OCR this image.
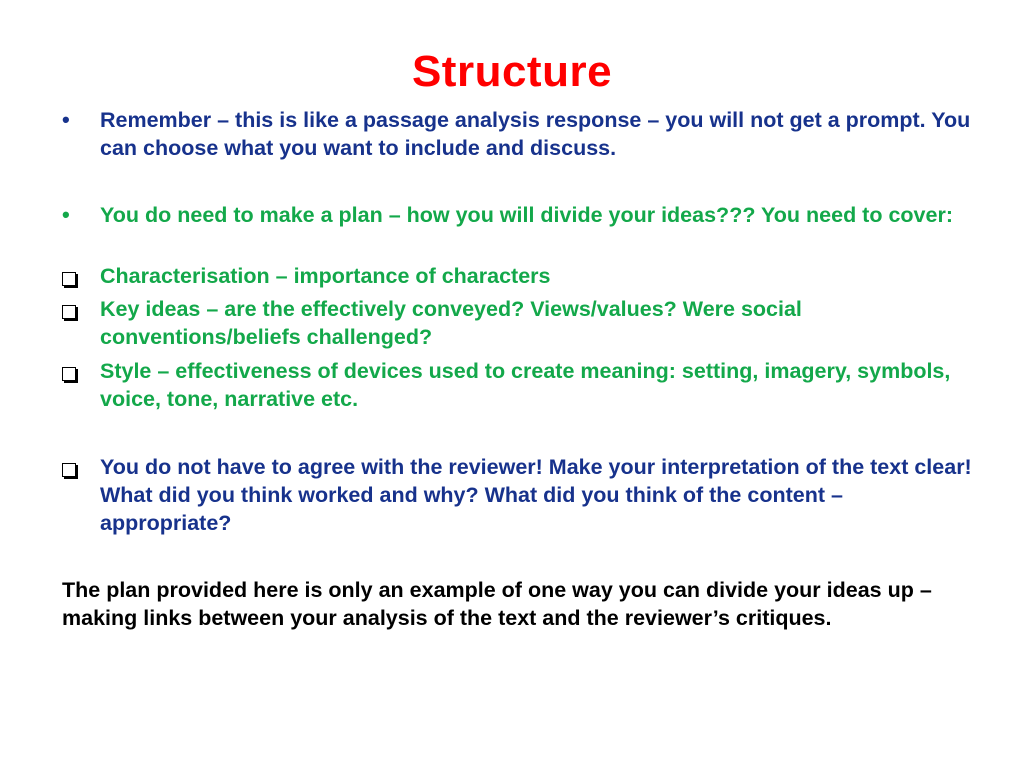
Structure
• Remember – this is like a passage analysis response – you will not get a prompt. You can choose what you want to include and discuss.
• You do need to make a plan – how you will divide your ideas??? You need to cover:
Characterisation – importance of characters
Key ideas – are the effectively conveyed? Views/values? Were social conventions/beliefs challenged?
Style – effectiveness of devices used to create meaning: setting, imagery, symbols, voice, tone, narrative etc.
You do not have to agree with the reviewer! Make your interpretation of the text clear! What did you think worked and why? What did you think of the content – appropriate?
The plan provided here is only an example of one way you can divide your ideas up – making links between your analysis of the text and the reviewer’s critiques.
